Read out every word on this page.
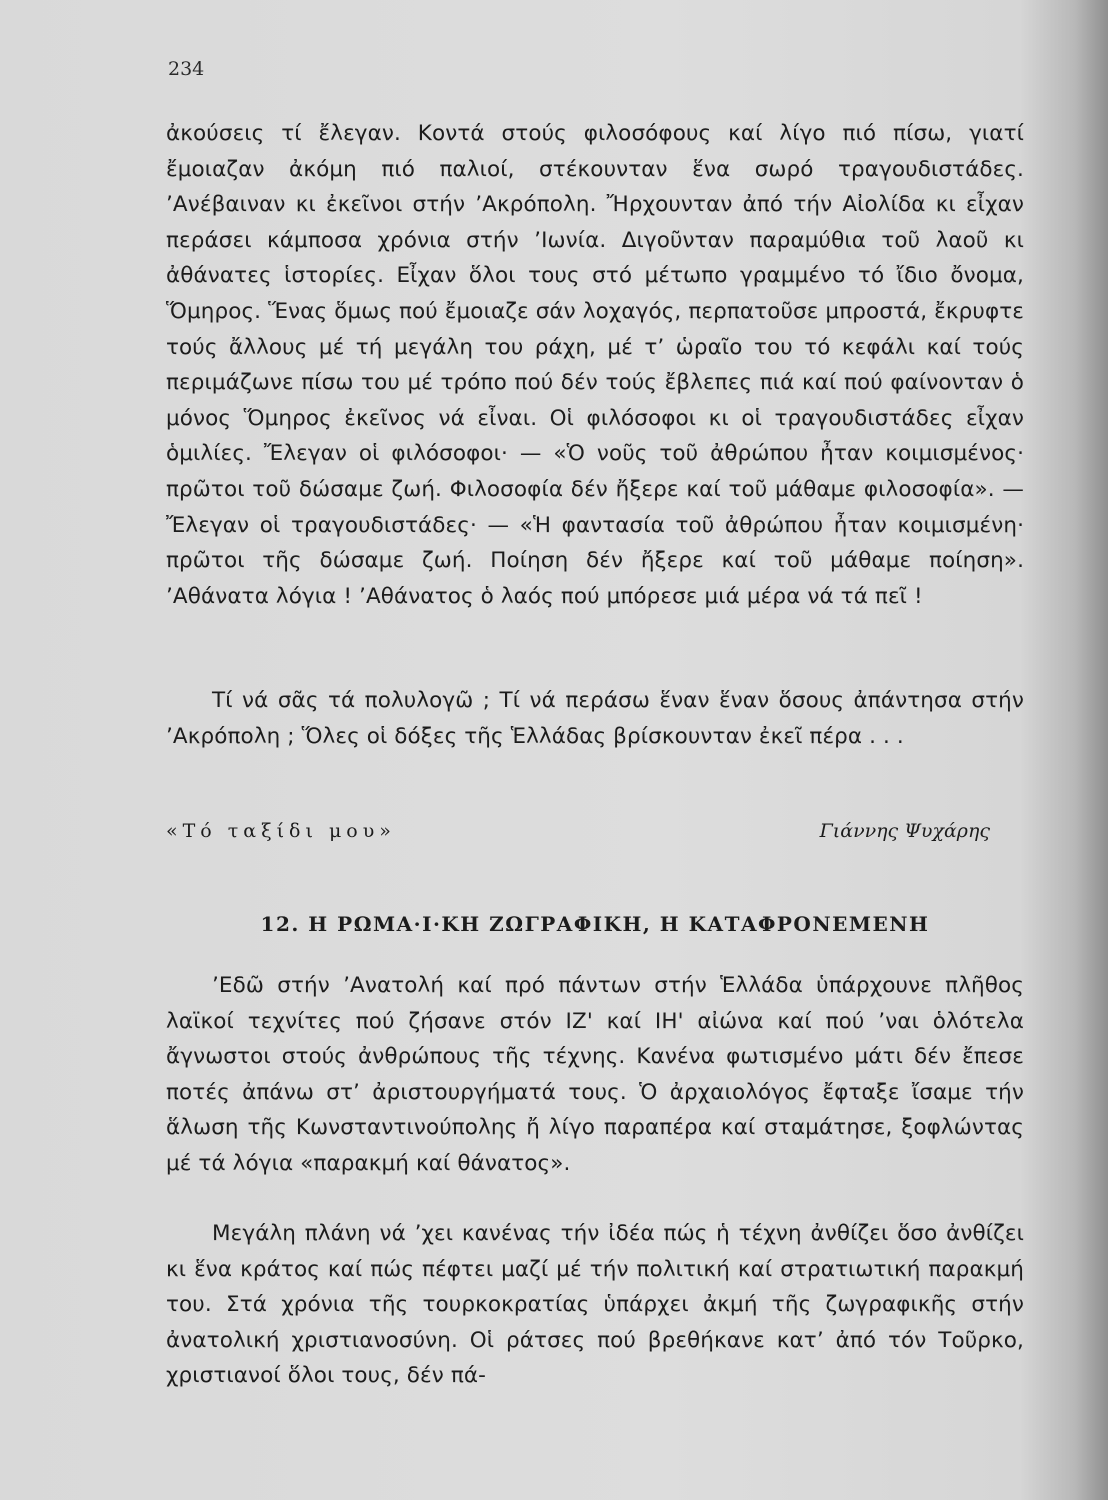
234

ἀκούσεις τί ἔλεγαν. Κοντά στούς φιλοσόφους καί λίγο πιό πίσω, γιατί ἔμοιαζαν ἀκόμη πιό παλιοί, στέκουνταν ἕνα σωρό τραγουδιστάδες. ’Ανέβαιναν κι ἐκεῖνοι στήν ’Ακρόπολη. Ἤρχουνταν ἀπό τήν Αἰολίδα κι εἶχαν περάσει κάμποσα χρόνια στήν ’Ιωνία. Διγοῦνταν παραμύθια τοῦ λαοῦ κι ἀθάνατες ἱστορίες. Εἶχαν ὅλοι τους στό μέτωπο γραμμένο τό ἴδιο ὄνομα, Ὅμηρος. Ἕνας ὅμως πού ἔμοιαζε σάν λοχαγός, περπατοῦσε μπροστά, ἔκρυφτε τούς ἄλλους μέ τή μεγάλη του ράχη, μέ τ’ ὡραῖο του τό κεφάλι καί τούς περιμάζωνε πίσω του μέ τρόπο πού δέν τούς ἔβλεπες πιά καί πού φαίνονταν ὁ μόνος Ὅμηρος ἐκεῖνος νά εἶναι. Οἱ φιλόσοφοι κι οἱ τραγουδιστάδες εἶχαν ὁμιλίες. Ἔλεγαν οἱ φιλόσοφοι· — «Ὁ νοῦς τοῦ ἀθρώπου ἦταν κοιμισμένος· πρῶτοι τοῦ δώσαμε ζωή. Φιλοσοφία δέν ἤξερε καί τοῦ μάθαμε φιλοσοφία». — Ἔλεγαν οἱ τραγουδιστάδες· — «Ἡ φαντασία τοῦ ἀθρώπου ἦταν κοιμισμένη· πρῶτοι τῆς δώσαμε ζωή. Ποίηση δέν ἤξερε καί τοῦ μάθαμε ποίηση». ’Αθάνατα λόγια ! ’Αθάνατος ὁ λαός πού μπόρεσε μιά μέρα νά τά πεῖ !

Τί νά σᾶς τά πολυλογῶ ; Τί νά περάσω ἕναν ἕναν ὅσους ἀπάντησα στήν ’Ακρόπολη ; Ὅλες οἱ δόξες τῆς Ἑλλάδας βρίσκουνταν ἐκεῖ πέρα . . .

«Τό ταξίδι μου»	Γιάννης Ψυχάρης
12. Η ΡΩΜΑ·Ι·ΚΗ ΖΩΓΡΑΦΙΚΗ, Η ΚΑΤΑΦΡΟΝΕΜΕΝΗ

’Εδῶ στήν ’Ανατολή καί πρό πάντων στήν Ἑλλάδα ὑπάρχουνε πλῆθος λαϊκοί τεχνίτες πού ζήσανε στόν ΙΖ' καί ΙΗ' αἰώνα καί πού ’ναι ὁλότελα ἄγνωστοι στούς ἀνθρώπους τῆς τέχνης. Κανένα φωτισμένο μάτι δέν ἔπεσε ποτές ἀπάνω στ’ ἀριστουργήματά τους. Ὁ ἀρχαιολόγος ἔφταξε ἴσαμε τήν ἅλωση τῆς Κωνσταντινούπολης ἤ λίγο παραπέρα καί σταμάτησε, ξοφλώντας μέ τά λόγια «παρακμή καί θάνατος».

Μεγάλη πλάνη νά ’χει κανένας τήν ἰδέα πώς ἡ τέχνη ἀνθίζει ὅσο ἀνθίζει κι ἕνα κράτος καί πώς πέφτει μαζί μέ τήν πολιτική καί στρατιωτική παρακμή του. Στά χρόνια τῆς τουρκοκρατίας ὑπάρχει ἀκμή τῆς ζωγραφικῆς στήν ἀνατολική χριστιανοσύνη. Οἱ ράτσες πού βρεθήκανε κατ’ ἀπό τόν Τοῦρκο, χριστιανοί ὅλοι τους, δέν πά-
